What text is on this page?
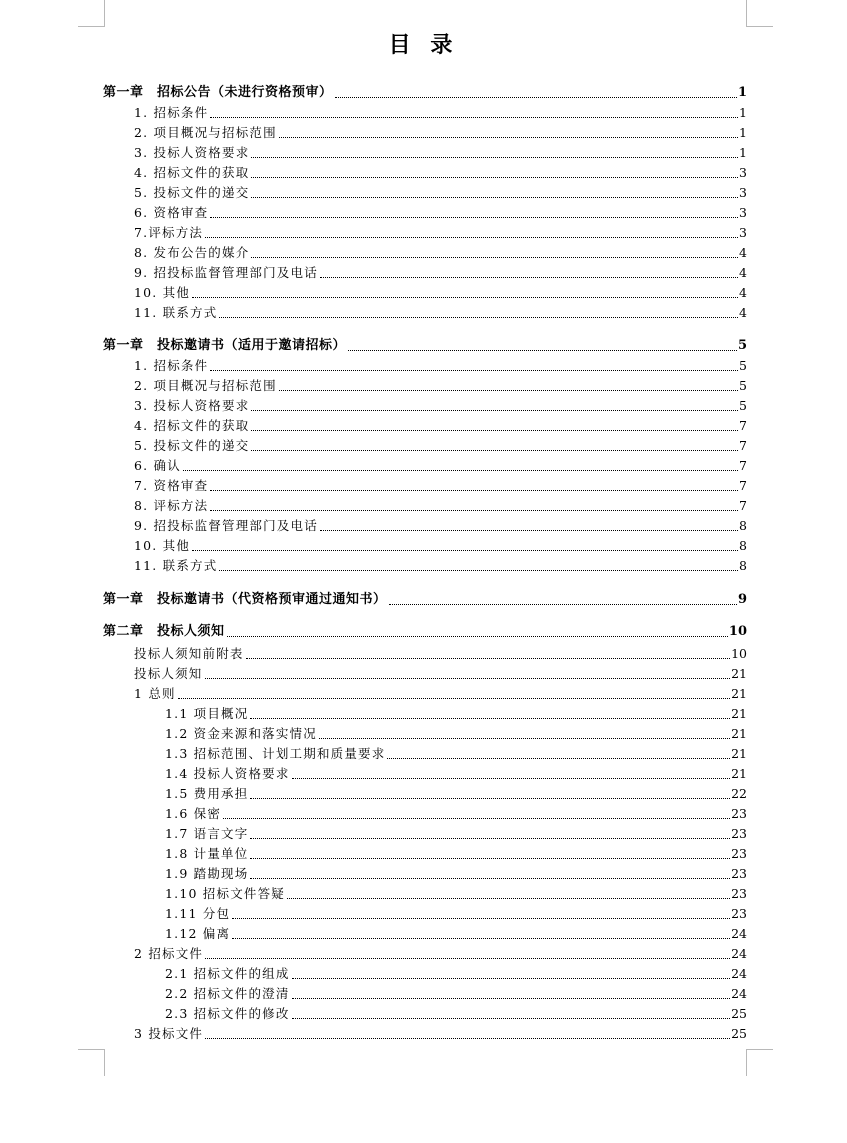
目 录
第一章　招标公告（未进行资格预审）	1
1. 招标条件	1
2. 项目概况与招标范围	1
3. 投标人资格要求	1
4. 招标文件的获取	3
5. 投标文件的递交	3
6. 资格审查	3
7.评标方法	3
8. 发布公告的媒介	4
9. 招投标监督管理部门及电话	4
10. 其他	4
11. 联系方式	4
第一章　投标邀请书（适用于邀请招标）	5
1. 招标条件	5
2. 项目概况与招标范围	5
3. 投标人资格要求	5
4. 招标文件的获取	7
5. 投标文件的递交	7
6. 确认	7
7. 资格审查	7
8. 评标方法	7
9. 招投标监督管理部门及电话	8
10. 其他	8
11. 联系方式	8
第一章　投标邀请书（代资格预审通过通知书）	9
第二章　投标人须知	10
投标人须知前附表	10
投标人须知	21
1 总则	21
1.1 项目概况	21
1.2 资金来源和落实情况	21
1.3 招标范围、计划工期和质量要求	21
1.4 投标人资格要求	21
1.5 费用承担	22
1.6 保密	23
1.7 语言文字	23
1.8 计量单位	23
1.9 踏勘现场	23
1.10 招标文件答疑	23
1.11 分包	23
1.12 偏离	24
2 招标文件	24
2.1 招标文件的组成	24
2.2 招标文件的澄清	24
2.3 招标文件的修改	25
3 投标文件	25
